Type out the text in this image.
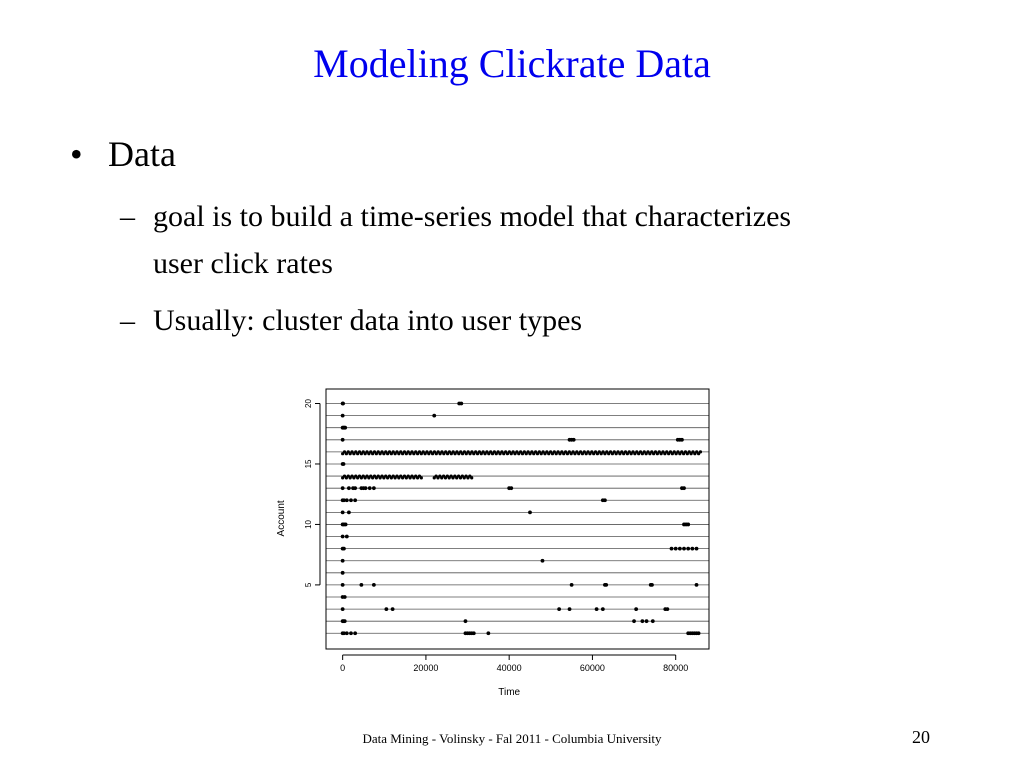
Modeling Clickrate Data
• Data
– goal is to build a time-series model that characterizes user click rates
– Usually: cluster data into user types
0	20000	40000	60000	80000
5
10
15
20
Time
Account
Data Mining - Volinsky - Fal 2011 - Columbia University	20
